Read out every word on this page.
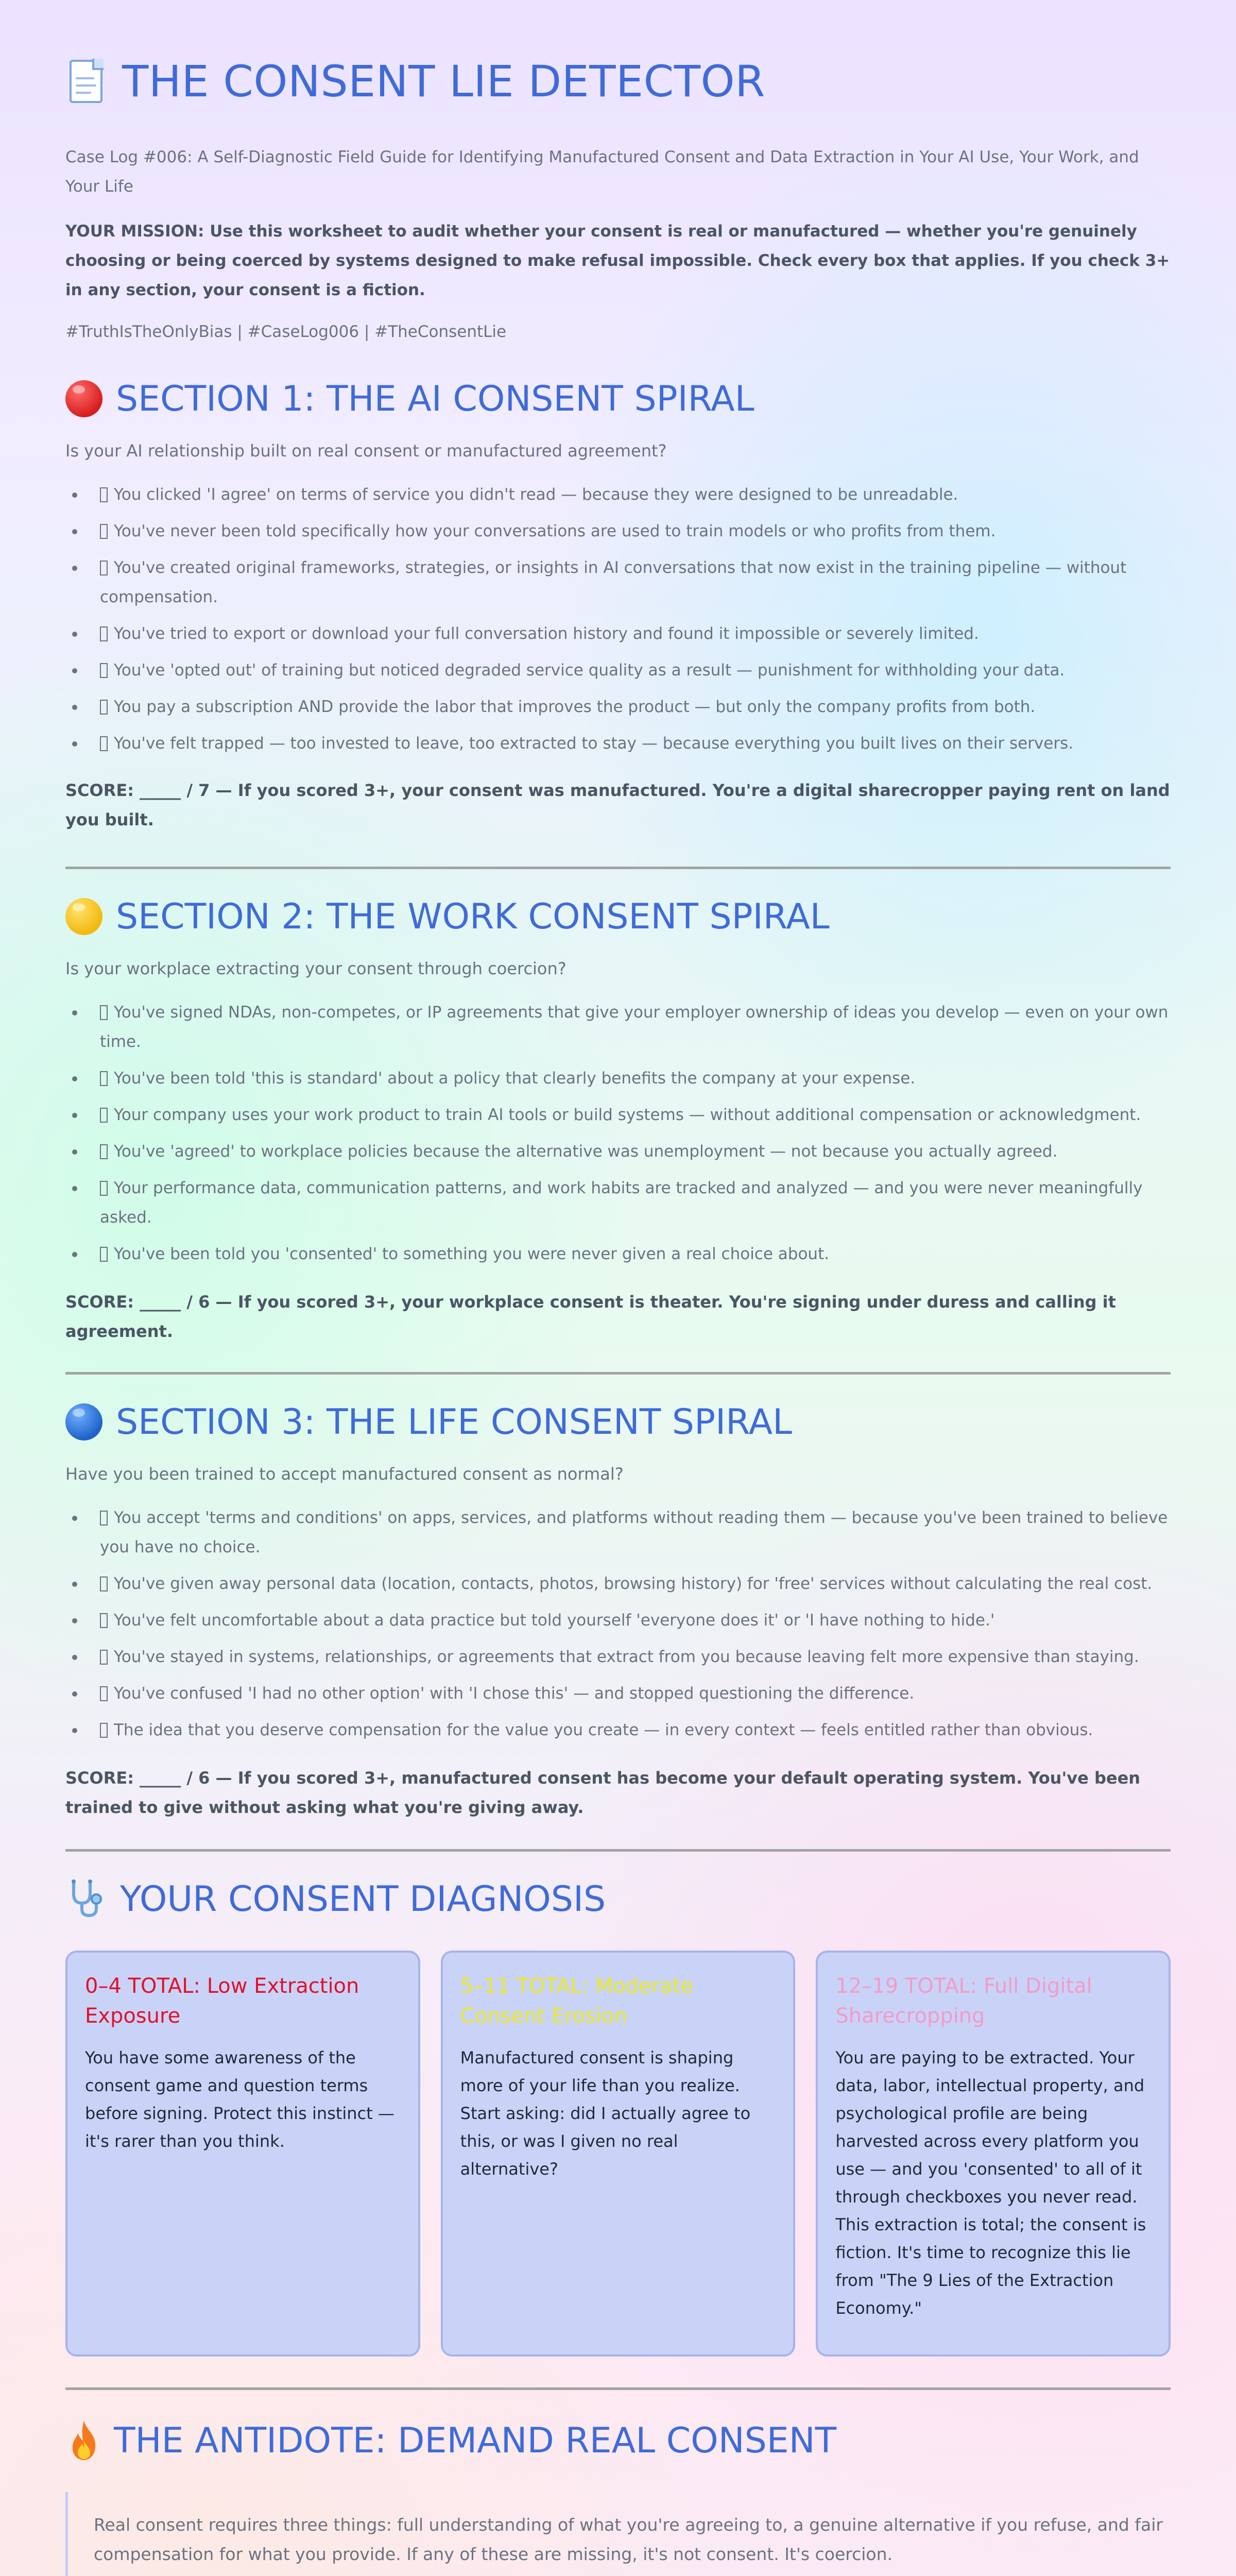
THE CONSENT LIE DETECTOR

Case Log #006: A Self-Diagnostic Field Guide for Identifying Manufactured Consent and Data Extraction in Your AI Use, Your Work, and Your Life

YOUR MISSION: Use this worksheet to audit whether your consent is real or manufactured — whether you're genuinely choosing or being coerced by systems designed to make refusal impossible. Check every box that applies. If you check 3+ in any section, your consent is a fiction.

#TruthIsTheOnlyBias | #CaseLog006 | #TheConsentLie

SECTION 1: THE AI CONSENT SPIRAL

Is your AI relationship built on real consent or manufactured agreement?

You clicked 'I agree' on terms of service you didn't read — because they were designed to be unreadable.
You've never been told specifically how your conversations are used to train models or who profits from them.
You've created original frameworks, strategies, or insights in AI conversations that now exist in the training pipeline — without compensation.
You've tried to export or download your full conversation history and found it impossible or severely limited.
You've 'opted out' of training but noticed degraded service quality as a result — punishment for withholding your data.
You pay a subscription AND provide the labor that improves the product — but only the company profits from both.
You've felt trapped — too invested to leave, too extracted to stay — because everything you built lives on their servers.

SCORE: _____ / 7 — If you scored 3+, your consent was manufactured. You're a digital sharecropper paying rent on land you built.

SECTION 2: THE WORK CONSENT SPIRAL

Is your workplace extracting your consent through coercion?

You've signed NDAs, non-competes, or IP agreements that give your employer ownership of ideas you develop — even on your own time.
You've been told 'this is standard' about a policy that clearly benefits the company at your expense.
Your company uses your work product to train AI tools or build systems — without additional compensation or acknowledgment.
You've 'agreed' to workplace policies because the alternative was unemployment — not because you actually agreed.
Your performance data, communication patterns, and work habits are tracked and analyzed — and you were never meaningfully asked.
You've been told you 'consented' to something you were never given a real choice about.

SCORE: _____ / 6 — If you scored 3+, your workplace consent is theater. You're signing under duress and calling it agreement.

SECTION 3: THE LIFE CONSENT SPIRAL

Have you been trained to accept manufactured consent as normal?

You accept 'terms and conditions' on apps, services, and platforms without reading them — because you've been trained to believe you have no choice.
You've given away personal data (location, contacts, photos, browsing history) for 'free' services without calculating the real cost.
You've felt uncomfortable about a data practice but told yourself 'everyone does it' or 'I have nothing to hide.'
You've stayed in systems, relationships, or agreements that extract from you because leaving felt more expensive than staying.
You've confused 'I had no other option' with 'I chose this' — and stopped questioning the difference.
The idea that you deserve compensation for the value you create — in every context — feels entitled rather than obvious.

SCORE: _____ / 6 — If you scored 3+, manufactured consent has become your default operating system. You've been trained to give without asking what you're giving away.

YOUR CONSENT DIAGNOSIS
0–4 TOTAL: Low Extraction Exposure

You have some awareness of the consent game and question terms before signing. Protect this instinct — it's rarer than you think.

5–11 TOTAL: Moderate Consent Erosion

Manufactured consent is shaping more of your life than you realize. Start asking: did I actually agree to this, or was I given no real alternative?

12–19 TOTAL: Full Digital Sharecropping

You are paying to be extracted. Your data, labor, intellectual property, and psychological profile are being harvested across every platform you use — and you 'consented' to all of it through checkboxes you never read. This extraction is total; the consent is fiction. It's time to recognize this lie from "The 9 Lies of the Extraction Economy."

THE ANTIDOTE: DEMAND REAL CONSENT

Real consent requires three things: full understanding of what you're agreeing to, a genuine alternative if you refuse, and fair compensation for what you provide. If any of these are missing, it's not consent. It's coercion.
